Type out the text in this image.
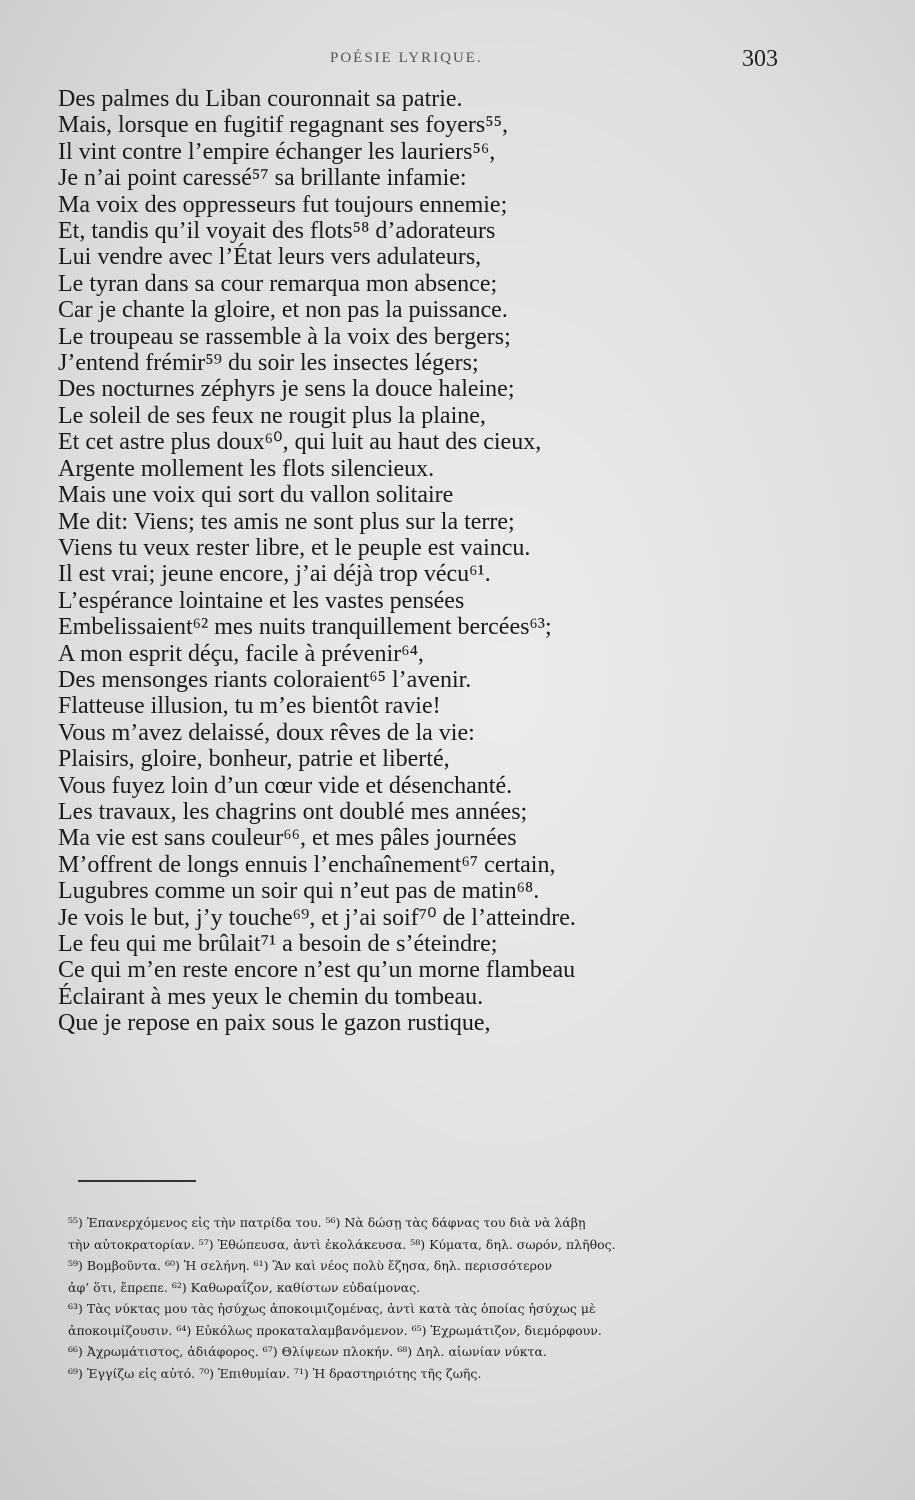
POÉSIE LYRIQUE.	303
Des palmes du Liban couronnait sa patrie.
Mais, lorsque en fugitif regagnant ses foyers⁵⁵,
Il vint contre l’empire échanger les lauriers⁵⁶,
Je n’ai point caressé⁵⁷ sa brillante infamie:
Ma voix des oppresseurs fut toujours ennemie;
Et, tandis qu’il voyait des flots⁵⁸ d’adorateurs
Lui vendre avec l’État leurs vers adulateurs,
Le tyran dans sa cour remarqua mon absence;
Car je chante la gloire, et non pas la puissance.
Le troupeau se rassemble à la voix des bergers;
J’entend frémir⁵⁹ du soir les insectes légers;
Des nocturnes zéphyrs je sens la douce haleine;
Le soleil de ses feux ne rougit plus la plaine,
Et cet astre plus doux⁶⁰, qui luit au haut des cieux,
Argente mollement les flots silencieux.
Mais une voix qui sort du vallon solitaire
Me dit: Viens; tes amis ne sont plus sur la terre;
Viens tu veux rester libre, et le peuple est vaincu.
Il est vrai; jeune encore, j’ai déjà trop vécu⁶¹.
L’espérance lointaine et les vastes pensées
Embelissaient⁶² mes nuits tranquillement bercées⁶³;
A mon esprit déçu, facile à prévenir⁶⁴,
Des mensonges riants coloraient⁶⁵ l’avenir.
Flatteuse illusion, tu m’es bientôt ravie!
Vous m’avez delaissé, doux rêves de la vie:
Plaisirs, gloire, bonheur, patrie et liberté,
Vous fuyez loin d’un cœur vide et désenchanté.
Les travaux, les chagrins ont doublé mes années;
Ma vie est sans couleur⁶⁶, et mes pâles journées
M’offrent de longs ennuis l’enchaînement⁶⁷ certain,
Lugubres comme un soir qui n’eut pas de matin⁶⁸.
Je vois le but, j’y touche⁶⁹, et j’ai soif⁷⁰ de l’atteindre.
Le feu qui me brûlait⁷¹ a besoin de s’éteindre;
Ce qui m’en reste encore n’est qu’un morne flambeau
Éclairant à mes yeux le chemin du tombeau.
Que je repose en paix sous le gazon rustique,
⁵⁵) Ἐπανερχόμενος εἰς τὴν πατρίδα του. ⁵⁶) Νὰ δώσῃ τὰς δάφνας του διὰ νὰ λάβῃ
τὴν αὐτοκρατορίαν. ⁵⁷) Ἐθώπευσα, ἀντὶ ἐκολάκευσα. ⁵⁸) Κύματα, δηλ. σωρόν, πλῆθος.
⁵⁹) Βομβοῦντα. ⁶⁰) Ἡ σελήνη. ⁶¹) Ἂν καὶ νέος πολὺ ἔζησα, δηλ. περισσότερον
ἀφ’ ὅτι, ἔπρεπε. ⁶²) Καθωραΐζον, καθίστων εὐδαίμονας.
⁶³) Τὰς νύκτας μου τὰς ἡσύχως ἀποκοιμιζομένας, ἀντὶ κατὰ τὰς ὁποίας ἡσύχως μὲ
ἀποκοιμίζουσιν. ⁶⁴) Εὐκόλως προκαταλαμβανόμενον. ⁶⁵) Ἐχρωμάτιζον, διεμόρφουν.
⁶⁶) Ἀχρωμάτιστος, ἀδιάφορος. ⁶⁷) Θλίψεων πλοκήν. ⁶⁸) Δηλ. αἰωνίαν νύκτα.
⁶⁹) Ἐγγίζω εἰς αὐτό. ⁷⁰) Ἐπιθυμίαν. ⁷¹) Ἡ δραστηριότης τῆς ζωῆς.
